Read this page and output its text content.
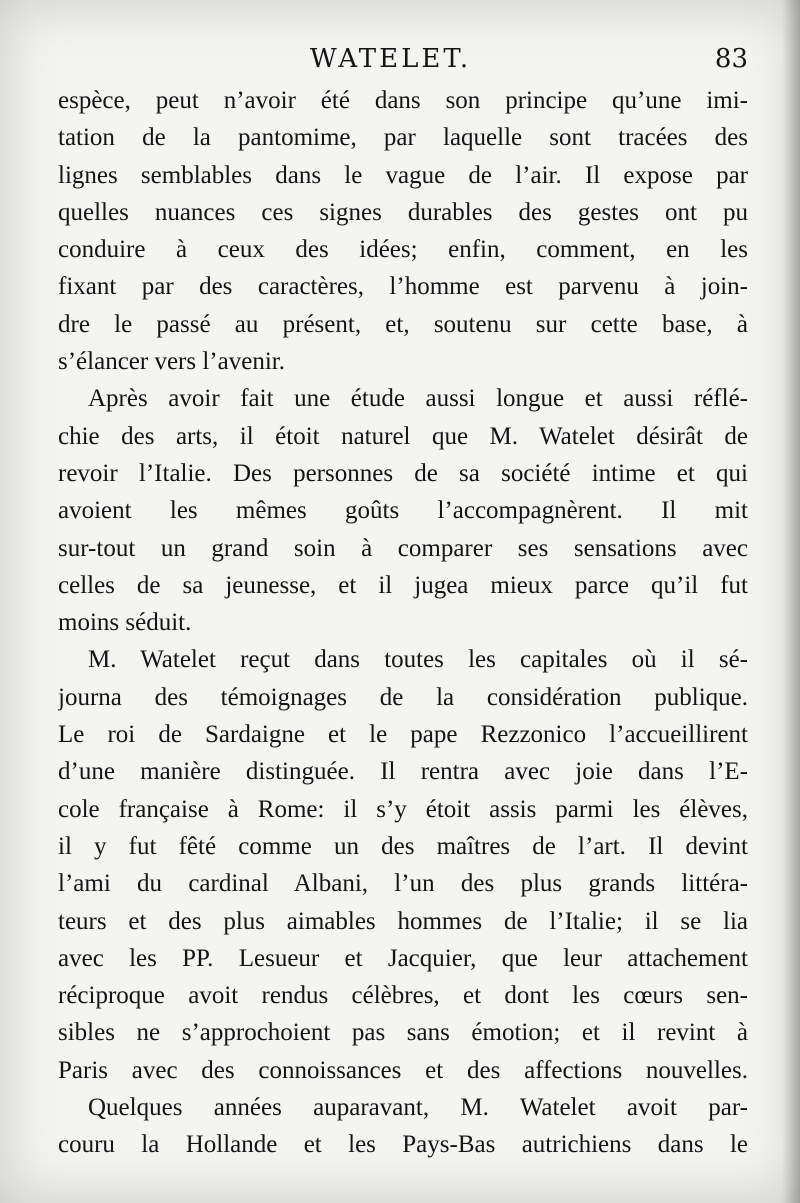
WATELET.	83
espèce, peut n’avoir été dans son principe qu’une imi-
tation de la pantomime, par laquelle sont tracées des
lignes semblables dans le vague de l’air. Il expose par
quelles nuances ces signes durables des gestes ont pu
conduire à ceux des idées; enfin, comment, en les
fixant par des caractères, l’homme est parvenu à join-
dre le passé au présent, et, soutenu sur cette base, à
s’élancer vers l’avenir.
Après avoir fait une étude aussi longue et aussi réflé-
chie des arts, il étoit naturel que M. Watelet désirât de
revoir l’Italie. Des personnes de sa société intime et qui
avoient les mêmes goûts l’accompagnèrent. Il mit
sur-tout un grand soin à comparer ses sensations avec
celles de sa jeunesse, et il jugea mieux parce qu’il fut
moins séduit.
M. Watelet reçut dans toutes les capitales où il sé-
journa des témoignages de la considération publique.
Le roi de Sardaigne et le pape Rezzonico l’accueillirent
d’une manière distinguée. Il rentra avec joie dans l’E-
cole française à Rome: il s’y étoit assis parmi les élèves,
il y fut fêté comme un des maîtres de l’art. Il devint
l’ami du cardinal Albani, l’un des plus grands littéra-
teurs et des plus aimables hommes de l’Italie; il se lia
avec les PP. Lesueur et Jacquier, que leur attachement
réciproque avoit rendus célèbres, et dont les cœurs sen-
sibles ne s’approchoient pas sans émotion; et il revint à
Paris avec des connoissances et des affections nouvelles.
Quelques années auparavant, M. Watelet avoit par-
couru la Hollande et les Pays-Bas autrichiens dans le
